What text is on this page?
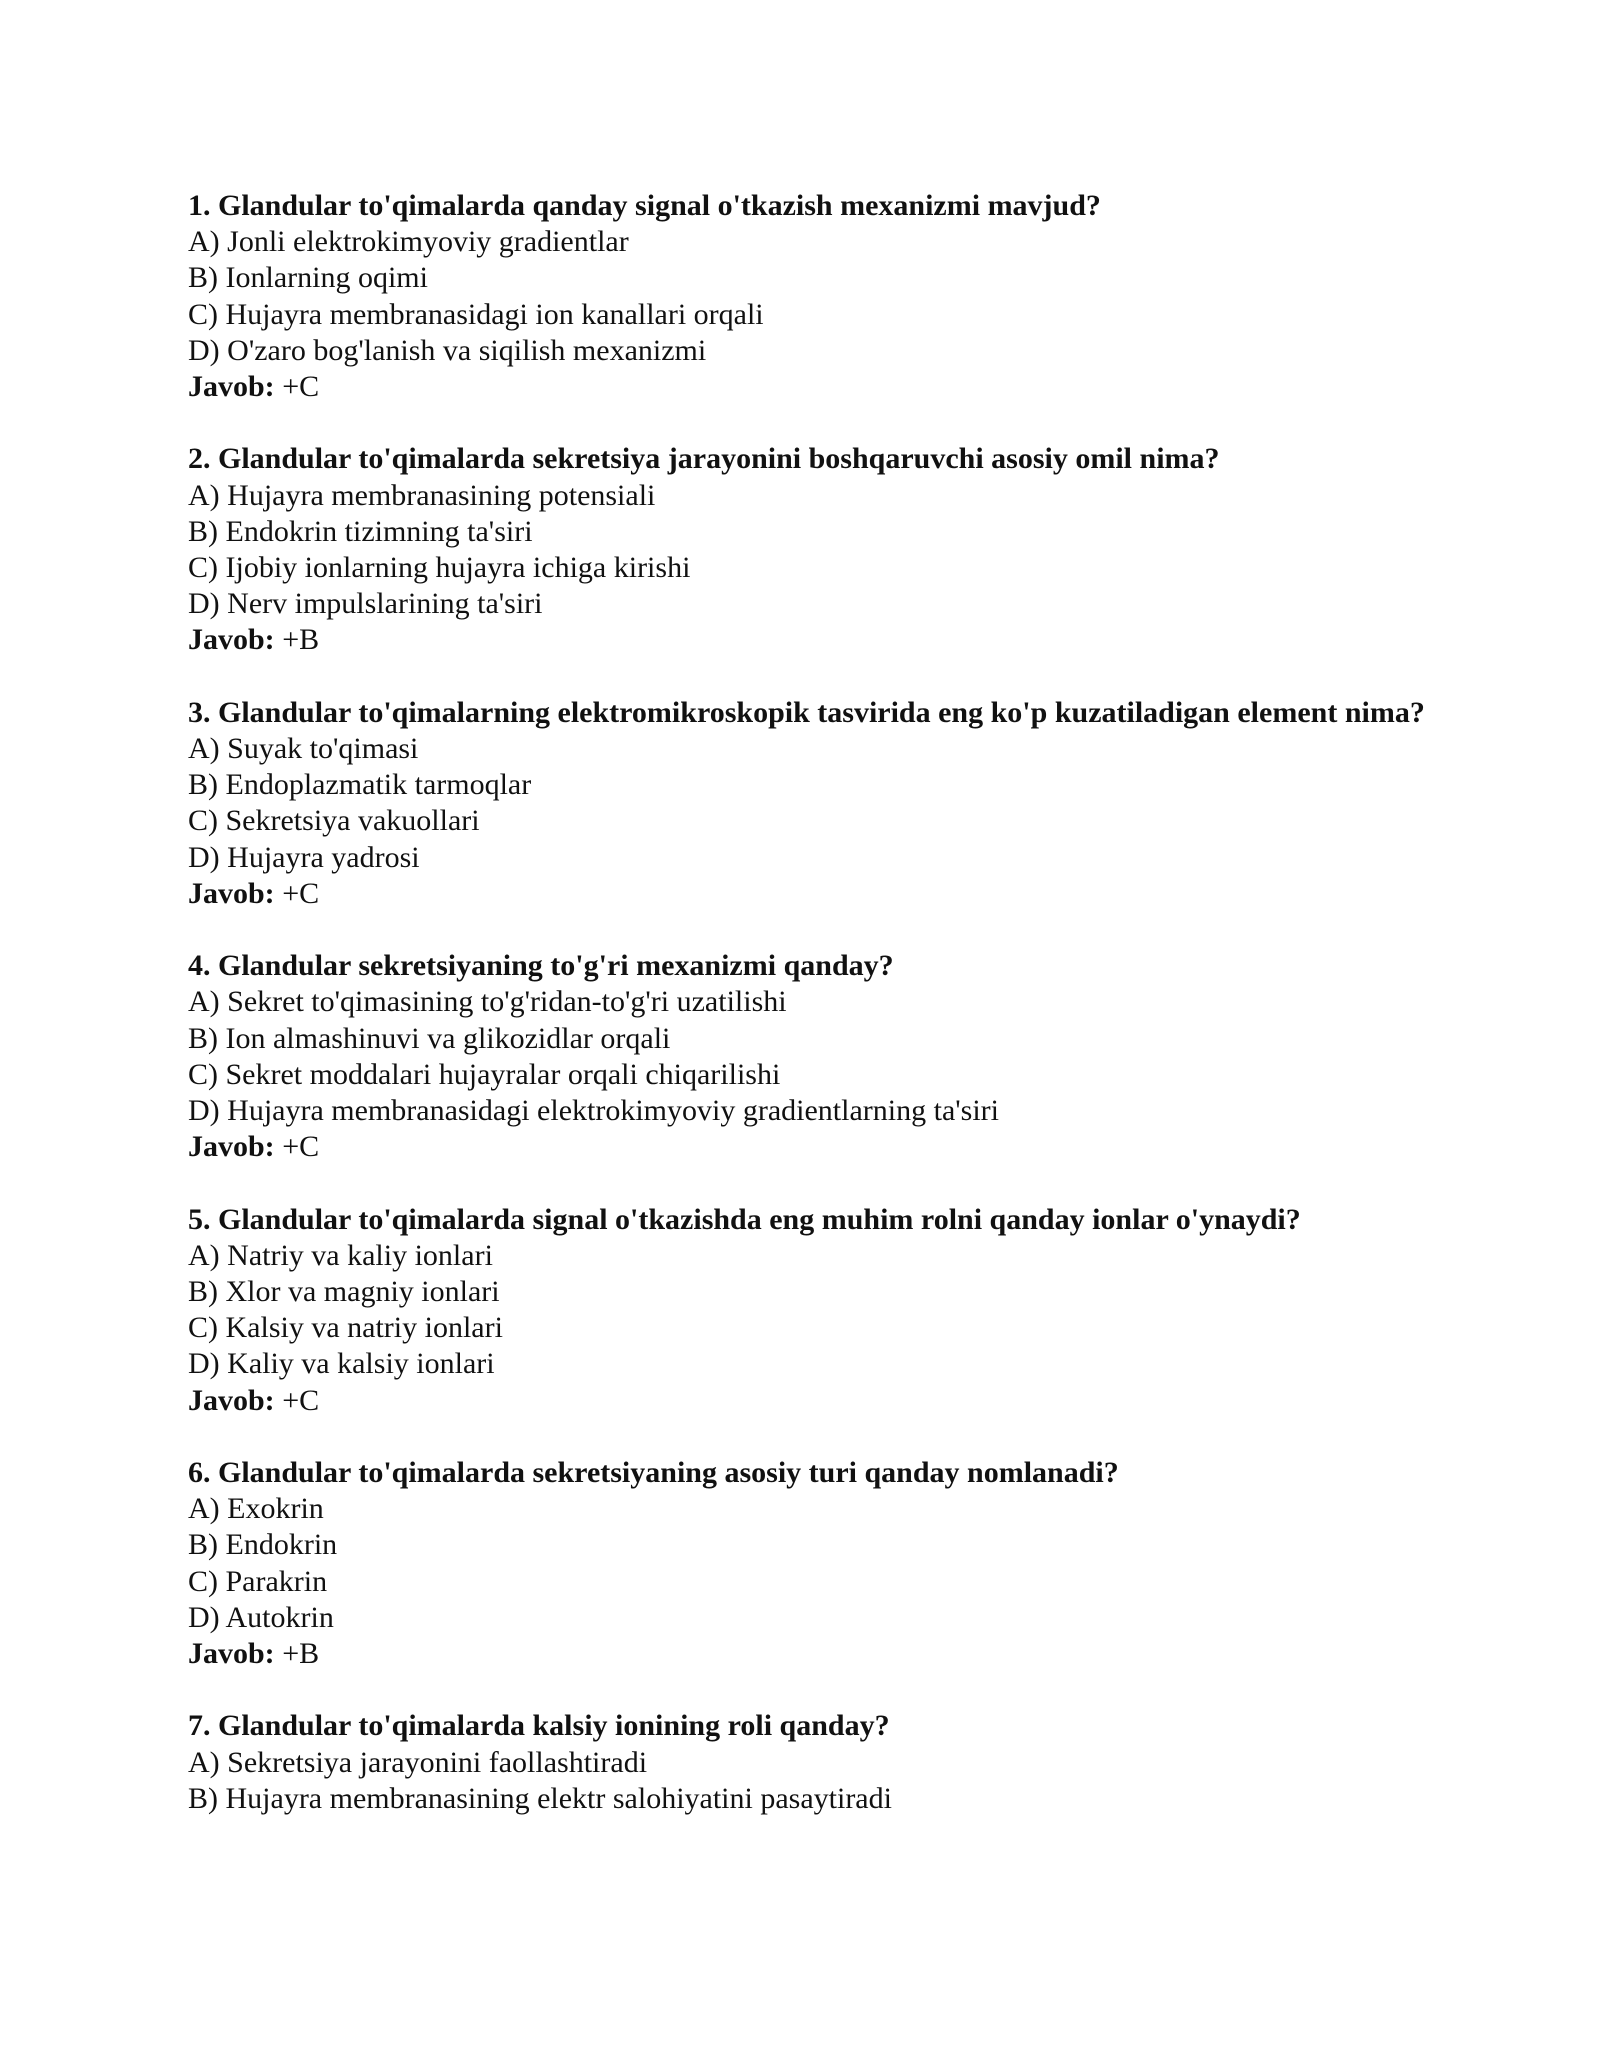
1. Glandular to'qimalarda qanday signal o'tkazish mexanizmi mavjud?
A) Jonli elektrokimyoviy gradientlar
B) Ionlarning oqimi
C) Hujayra membranasidagi ion kanallari orqali
D) O'zaro bog'lanish va siqilish mexanizmi
Javob: +C
2. Glandular to'qimalarda sekretsiya jarayonini boshqaruvchi asosiy omil nima?
A) Hujayra membranasining potensiali
B) Endokrin tizimning ta'siri
C) Ijobiy ionlarning hujayra ichiga kirishi
D) Nerv impulslarining ta'siri
Javob: +B
3. Glandular to'qimalarning elektromikroskopik tasvirida eng ko'p kuzatiladigan element nima?
A) Suyak to'qimasi
B) Endoplazmatik tarmoqlar
C) Sekretsiya vakuollari
D) Hujayra yadrosi
Javob: +C
4. Glandular sekretsiyaning to'g'ri mexanizmi qanday?
A) Sekret to'qimasining to'g'ridan-to'g'ri uzatilishi
B) Ion almashinuvi va glikozidlar orqali
C) Sekret moddalari hujayralar orqali chiqarilishi
D) Hujayra membranasidagi elektrokimyoviy gradientlarning ta'siri
Javob: +C
5. Glandular to'qimalarda signal o'tkazishda eng muhim rolni qanday ionlar o'ynaydi?
A) Natriy va kaliy ionlari
B) Xlor va magniy ionlari
C) Kalsiy va natriy ionlari
D) Kaliy va kalsiy ionlari
Javob: +C
6. Glandular to'qimalarda sekretsiyaning asosiy turi qanday nomlanadi?
A) Exokrin
B) Endokrin
C) Parakrin
D) Autokrin
Javob: +B
7. Glandular to'qimalarda kalsiy ionining roli qanday?
A) Sekretsiya jarayonini faollashtiradi
B) Hujayra membranasining elektr salohiyatini pasaytiradi
